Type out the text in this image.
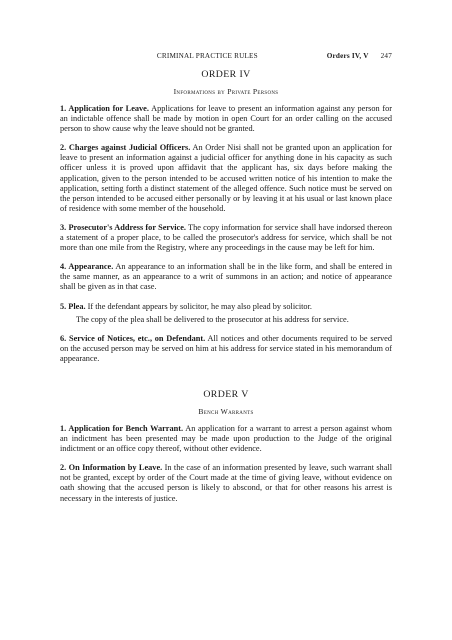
CRIMINAL PRACTICE RULES	Orders IV, V 247
ORDER IV
Informations by Private Persons

1. Application for Leave. Applications for leave to present an information against any person for an indictable offence shall be made by motion in open Court for an order calling on the accused person to show cause why the leave should not be granted.

2. Charges against Judicial Officers. An Order Nisi shall not be granted upon an application for leave to present an information against a judicial officer for anything done in his capacity as such officer unless it is proved upon affidavit that the applicant has, six days before making the application, given to the person intended to be accused written notice of his intention to make the application, setting forth a distinct statement of the alleged offence. Such notice must be served on the person intended to be accused either personally or by leaving it at his usual or last known place of residence with some member of the household.

3. Prosecutor's Address for Service. The copy information for service shall have indorsed thereon a statement of a proper place, to be called the prosecutor's address for service, which shall be not more than one mile from the Registry, where any proceedings in the cause may be left for him.

4. Appearance. An appearance to an information shall be in the like form, and shall be entered in the same manner, as an appearance to a writ of summons in an action; and notice of appearance shall be given as in that case.

5. Plea. If the defendant appears by solicitor, he may also plead by solicitor.

The copy of the plea shall be delivered to the prosecutor at his address for service.

6. Service of Notices, etc., on Defendant. All notices and other documents required to be served on the accused person may be served on him at his address for service stated in his memorandum of appearance.

ORDER V
Bench Warrants

1. Application for Bench Warrant. An application for a warrant to arrest a person against whom an indictment has been presented may be made upon production to the Judge of the original indictment or an office copy thereof, without other evidence.

2. On Information by Leave. In the case of an information presented by leave, such warrant shall not be granted, except by order of the Court made at the time of giving leave, without evidence on oath showing that the accused person is likely to abscond, or that for other reasons his arrest is necessary in the interests of justice.
